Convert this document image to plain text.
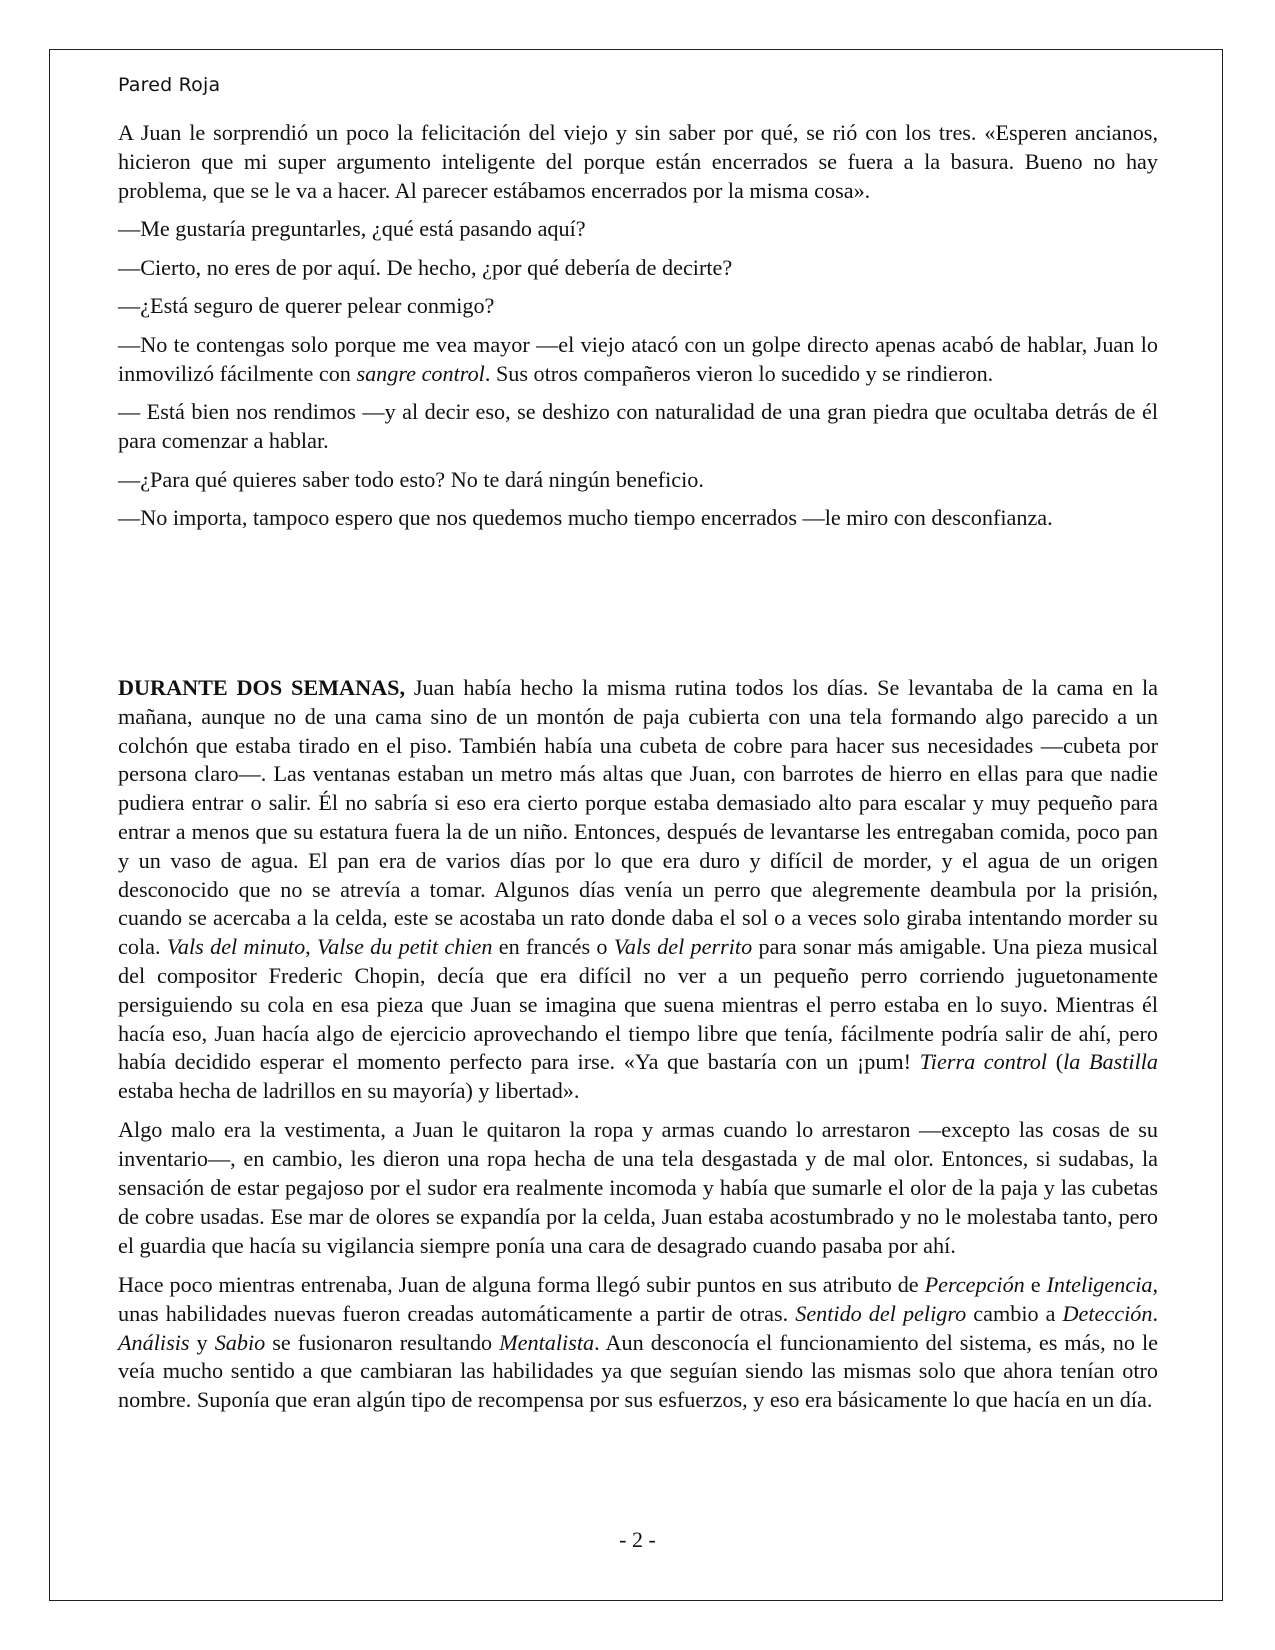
Pared Roja

A Juan le sorprendió un poco la felicitación del viejo y sin saber por qué, se rió con los tres. «Esperen ancianos, hicieron que mi super argumento inteligente del porque están encerrados se fuera a la basura. Bueno no hay problema, que se le va a hacer. Al parecer estábamos encerrados por la misma cosa».

—Me gustaría preguntarles, ¿qué está pasando aquí?

—Cierto, no eres de por aquí. De hecho, ¿por qué debería de decirte?

—¿Está seguro de querer pelear conmigo?

—No te contengas solo porque me vea mayor —el viejo atacó con un golpe directo apenas acabó de hablar, Juan lo inmovilizó fácilmente con sangre control. Sus otros compañeros vieron lo sucedido y se rindieron.

— Está bien nos rendimos —y al decir eso, se deshizo con naturalidad de una gran piedra que ocultaba detrás de él para comenzar a hablar.

—¿Para qué quieres saber todo esto? No te dará ningún beneficio.

—No importa, tampoco espero que nos quedemos mucho tiempo encerrados —le miro con desconfianza.

DURANTE DOS SEMANAS, Juan había hecho la misma rutina todos los días. Se levantaba de la cama en la mañana, aunque no de una cama sino de un montón de paja cubierta con una tela formando algo parecido a un colchón que estaba tirado en el piso. También había una cubeta de cobre para hacer sus necesidades —cubeta por persona claro—. Las ventanas estaban un metro más altas que Juan, con barrotes de hierro en ellas para que nadie pudiera entrar o salir. Él no sabría si eso era cierto porque estaba demasiado alto para escalar y muy pequeño para entrar a menos que su estatura fuera la de un niño. Entonces, después de levantarse les entregaban comida, poco pan y un vaso de agua. El pan era de varios días por lo que era duro y difícil de morder, y el agua de un origen desconocido que no se atrevía a tomar. Algunos días venía un perro que alegremente deambula por la prisión, cuando se acercaba a la celda, este se acostaba un rato donde daba el sol o a veces solo giraba intentando morder su cola. Vals del minuto, Valse du petit chien en francés o Vals del perrito para sonar más amigable. Una pieza musical del compositor Frederic Chopin, decía que era difícil no ver a un pequeño perro corriendo juguetonamente persiguiendo su cola en esa pieza que Juan se imagina que suena mientras el perro estaba en lo suyo. Mientras él hacía eso, Juan hacía algo de ejercicio aprovechando el tiempo libre que tenía, fácilmente podría salir de ahí, pero había decidido esperar el momento perfecto para irse. «Ya que bastaría con un ¡pum! Tierra control (la Bastilla estaba hecha de ladrillos en su mayoría) y libertad».

Algo malo era la vestimenta, a Juan le quitaron la ropa y armas cuando lo arrestaron —excepto las cosas de su inventario—, en cambio, les dieron una ropa hecha de una tela desgastada y de mal olor. Entonces, si sudabas, la sensación de estar pegajoso por el sudor era realmente incomoda y había que sumarle el olor de la paja y las cubetas de cobre usadas. Ese mar de olores se expandía por la celda, Juan estaba acostumbrado y no le molestaba tanto, pero el guardia que hacía su vigilancia siempre ponía una cara de desagrado cuando pasaba por ahí.

Hace poco mientras entrenaba, Juan de alguna forma llegó subir puntos en sus atributo de Percepción e Inteligencia, unas habilidades nuevas fueron creadas automáticamente a partir de otras. Sentido del peligro cambio a Detección. Análisis y Sabio se fusionaron resultando Mentalista. Aun desconocía el funcionamiento del sistema, es más, no le veía mucho sentido a que cambiaran las habilidades ya que seguían siendo las mismas solo que ahora tenían otro nombre. Suponía que eran algún tipo de recompensa por sus esfuerzos, y eso era básicamente lo que hacía en un día.

- 2 -
